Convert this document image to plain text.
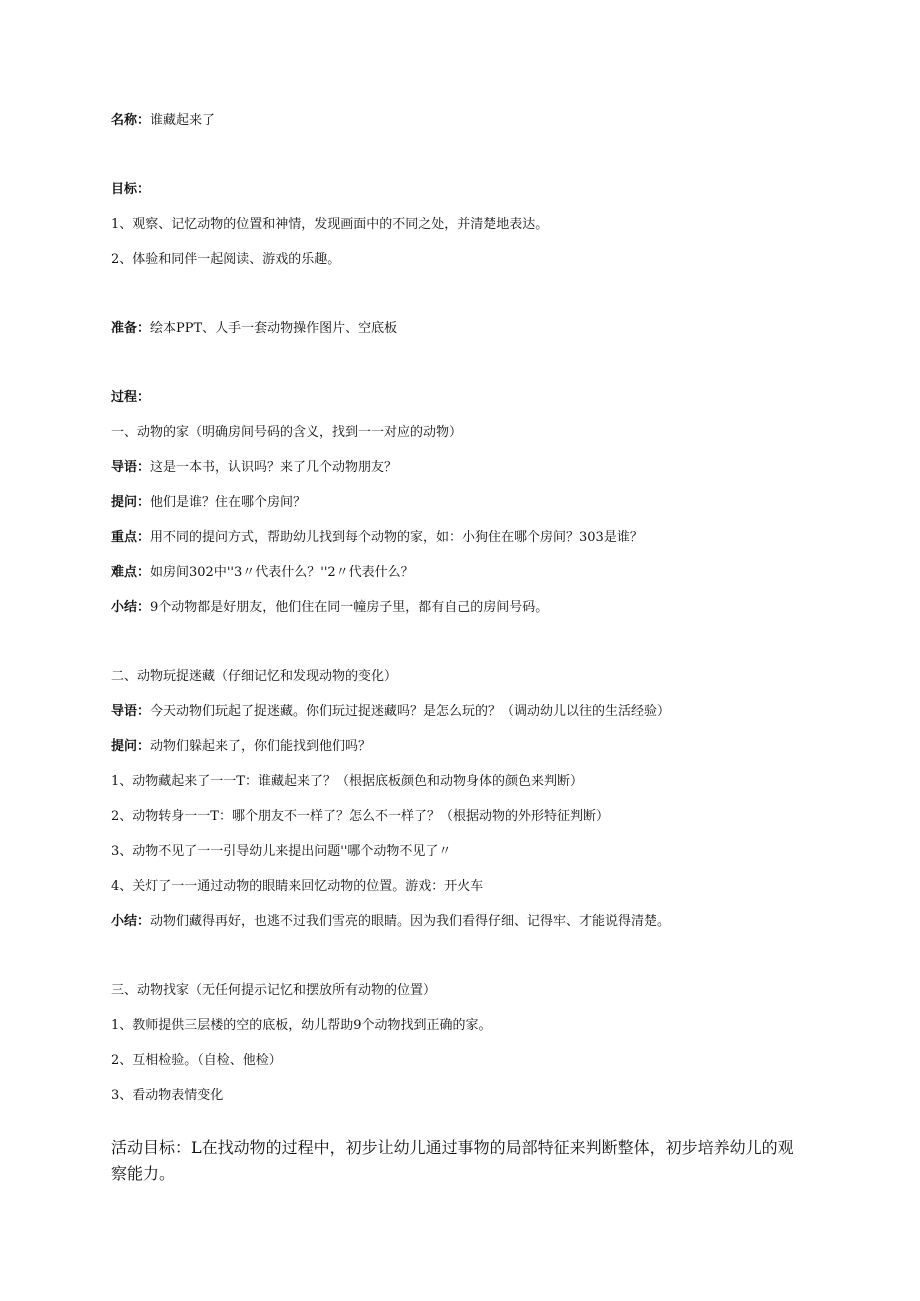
名称：谁藏起来了
目标：
1、观察、记忆动物的位置和神情，发现画面中的不同之处，并清楚地表达。
2、体验和同伴一起阅读、游戏的乐趣。
准备：绘本PPT、人手一套动物操作图片、空底板
过程：
一、动物的家（明确房间号码的含义，找到一一对应的动物）
导语：这是一本书，认识吗？来了几个动物朋友？
提问：他们是谁？住在哪个房间？
重点：用不同的提问方式，帮助幼儿找到每个动物的家，如：小狗住在哪个房间？303是谁？
难点：如房间302中''3〃代表什么？''2〃代表什么？
小结：9个动物都是好朋友，他们住在同一幢房子里，都有自己的房间号码。
二、动物玩捉迷藏（仔细记忆和发现动物的变化）
导语：今天动物们玩起了捉迷藏。你们玩过捉迷藏吗？是怎么玩的？（调动幼儿以往的生活经验）
提问：动物们躲起来了，你们能找到他们吗？
1、动物藏起来了一一T：谁藏起来了？（根据底板颜色和动物身体的颜色来判断）
2、动物转身一一T：哪个朋友不一样了？怎么不一样了？（根据动物的外形特征判断）
3、动物不见了一一引导幼儿来提出问题''哪个动物不见了〃
4、关灯了一一通过动物的眼睛来回忆动物的位置。游戏：开火车
小结：动物们藏得再好，也逃不过我们雪亮的眼睛。因为我们看得仔细、记得牢、才能说得清楚。
三、动物找家（无任何提示记忆和摆放所有动物的位置）
1、教师提供三层楼的空的底板，幼儿帮助9个动物找到正确的家。
2、互相检验。（自检、他检）
3、看动物表情变化
活动目标：L在找动物的过程中，初步让幼儿通过事物的局部特征来判断整体，初步培养幼儿的观察能力。
